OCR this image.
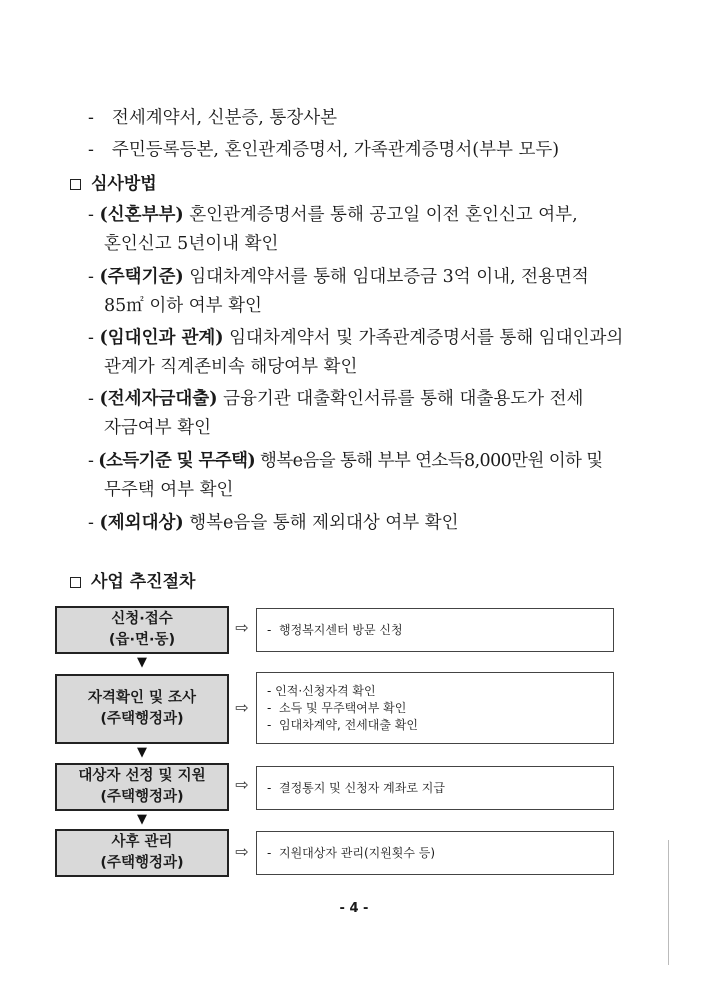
- 전세계약서, 신분증, 통장사본
- 주민등록등본, 혼인관계증명서, 가족관계증명서(부부 모두)
심사방법
- (신혼부부) 혼인관계증명서를 통해 공고일 이전 혼인신고 여부,
혼인신고 5년이내 확인
- (주택기준) 임대차계약서를 통해 임대보증금 3억 이내, 전용면적
85㎡ 이하 여부 확인
- (임대인과 관계) 임대차계약서 및 가족관계증명서를 통해 임대인과의
관계가 직계존비속 해당여부 확인
- (전세자금대출) 금융기관 대출확인서류를 통해 대출용도가 전세
자금여부 확인
- (소득기준 및 무주택) 행복e음을 통해 부부 연소득8,000만원 이하 및
무주택 여부 확인
- (제외대상) 행복e음을 통해 제외대상 여부 확인
사업 추진절차
신청·접수
(읍·면·동)
⇨	- 행정복지센터 방문 신청
▼
자격확인 및 조사
(주택행정과)
⇨
- 인적·신청자격 확인
- 소득 및 무주택여부 확인
- 임대차계약, 전세대출 확인
▼
대상자 선정 및 지원
(주택행정과)
⇨	- 결정통지 및 신청자 계좌로 지급
▼
사후 관리
(주택행정과)
⇨	- 지원대상자 관리(지원횟수 등)
- 4 -
